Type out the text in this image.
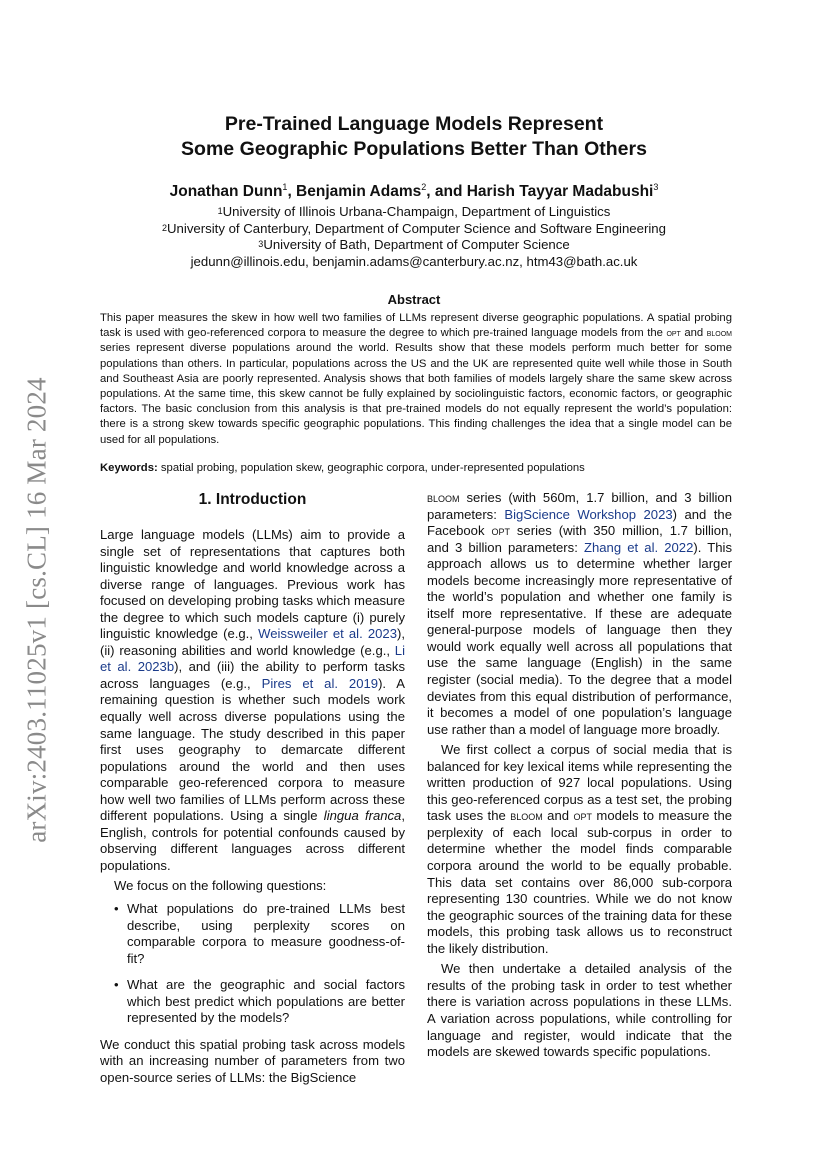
arXiv:2403.11025v1 [cs.CL] 16 Mar 2024
Pre-Trained Language Models Represent
Some Geographic Populations Better Than Others
Jonathan Dunn$^1$, Benjamin Adams$^2$, and Harish Tayyar Madabushi$^3$
$^1$University of Illinois Urbana-Champaign, Department of Linguistics
$^2$University of Canterbury, Department of Computer Science and Software Engineering
$^3$University of Bath, Department of Computer Science
jedunn@illinois.edu, benjamin.adams@canterbury.ac.nz, htm43@bath.ac.uk
Abstract
This paper measures the skew in how well two families of LLMs represent diverse geographic populations. A spatial probing task is used with geo-referenced corpora to measure the degree to which pre-trained language models from the opt and bloom series represent diverse populations around the world. Results show that these models perform much better for some populations than others. In particular, populations across the US and the UK are represented quite well while those in South and Southeast Asia are poorly represented. Analysis shows that both families of models largely share the same skew across populations. At the same time, this skew cannot be fully explained by sociolinguistic factors, economic factors, or geographic factors. The basic conclusion from this analysis is that pre-trained models do not equally represent the world’s population: there is a strong skew towards specific geographic populations. This finding challenges the idea that a single model can be used for all populations.
Keywords: spatial probing, population skew, geographic corpora, under-represented populations
1. Introduction

Large language models (LLMs) aim to provide a single set of representations that captures both linguistic knowledge and world knowledge across a diverse range of languages. Previous work has focused on developing probing tasks which measure the degree to which such models capture (i) purely linguistic knowledge (e.g., Weissweiler et al. 2023), (ii) reasoning abilities and world knowledge (e.g., Li et al. 2023b), and (iii) the ability to perform tasks across languages (e.g., Pires et al. 2019). A remaining question is whether such models work equally well across diverse populations using the same language. The study described in this paper first uses geography to demarcate different populations around the world and then uses comparable geo-referenced corpora to measure how well two families of LLMs perform across these different populations. Using a single lingua franca, English, controls for potential confounds caused by observing different languages across different populations.

We focus on the following questions:

• What populations do pre-trained LLMs best describe, using perplexity scores on comparable corpora to measure goodness-of-fit?
• What are the geographic and social factors which best predict which populations are better represented by the models?

We conduct this spatial probing task across models with an increasing number of parameters from two open-source series of LLMs: the BigScience

bloom series (with 560m, 1.7 billion, and 3 billion parameters: BigScience Workshop 2023) and the Facebook opt series (with 350 million, 1.7 billion, and 3 billion parameters: Zhang et al. 2022). This approach allows us to determine whether larger models become increasingly more representative of the world’s population and whether one family is itself more representative. If these are adequate general-purpose models of language then they would work equally well across all populations that use the same language (English) in the same register (social media). To the degree that a model deviates from this equal distribution of performance, it becomes a model of one population’s language use rather than a model of language more broadly.

We first collect a corpus of social media that is balanced for key lexical items while representing the written production of 927 local populations. Using this geo-referenced corpus as a test set, the probing task uses the bloom and opt models to measure the perplexity of each local sub-corpus in order to determine whether the model finds comparable corpora around the world to be equally probable. This data set contains over 86,000 sub-corpora representing 130 countries. While we do not know the geographic sources of the training data for these models, this probing task allows us to reconstruct the likely distribution.

We then undertake a detailed analysis of the results of the probing task in order to test whether there is variation across populations in these LLMs. A variation across populations, while controlling for language and register, would indicate that the models are skewed towards specific populations.
